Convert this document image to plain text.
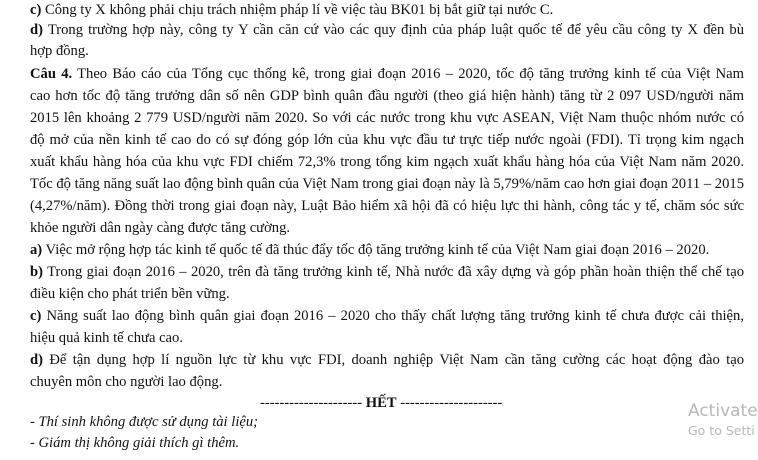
c) Công ty X không phải chịu trách nhiệm pháp lí về việc tàu BK01 bị bắt giữ tại nước C.
d) Trong trường hợp này, công ty Y cần căn cứ vào các quy định của pháp luật quốc tế để yêu cầu công ty X đền bù
hợp đồng.
Câu 4. Theo Báo cáo của Tổng cục thống kê, trong giai đoạn 2016 – 2020, tốc độ tăng trưởng kinh tế của Việt Nam
cao hơn tốc độ tăng trưởng dân số nên GDP bình quân đầu người (theo giá hiện hành) tăng từ 2 097 USD/người năm
2015 lên khoảng 2 779 USD/người năm 2020. So với các nước trong khu vực ASEAN, Việt Nam thuộc nhóm nước có
độ mở của nền kinh tế cao do có sự đóng góp lớn của khu vực đầu tư trực tiếp nước ngoài (FDI). Tỉ trọng kim ngạch
xuất khẩu hàng hóa của khu vực FDI chiếm 72,3% trong tổng kim ngạch xuất khẩu hàng hóa của Việt Nam năm 2020.
Tốc độ tăng năng suất lao động bình quân của Việt Nam trong giai đoạn này là 5,79%/năm cao hơn giai đoạn 2011 – 2015
(4,27%/năm). Đồng thời trong giai đoạn này, Luật Bảo hiểm xã hội đã có hiệu lực thi hành, công tác y tế, chăm sóc sức
khỏe người dân ngày càng được tăng cường.
a) Việc mở rộng hợp tác kinh tế quốc tế đã thúc đẩy tốc độ tăng trưởng kinh tế của Việt Nam giai đoạn 2016 – 2020.
b) Trong giai đoạn 2016 – 2020, trên đà tăng trưởng kinh tế, Nhà nước đã xây dựng và góp phần hoàn thiện thể chế tạo
điều kiện cho phát triển bền vững.
c) Năng suất lao động bình quân giai đoạn 2016 – 2020 cho thấy chất lượng tăng trưởng kinh tế chưa được cải thiện,
hiệu quả kinh tế chưa cao.
d) Để tận dụng hợp lí nguồn lực từ khu vực FDI, doanh nghiệp Việt Nam cần tăng cường các hoạt động đào tạo
chuyên môn cho người lao động.
--------------------- HẾT ---------------------
- Thí sinh không được sử dụng tài liệu;
- Giám thị không giải thích gì thêm.
Activate
Go to Setti
